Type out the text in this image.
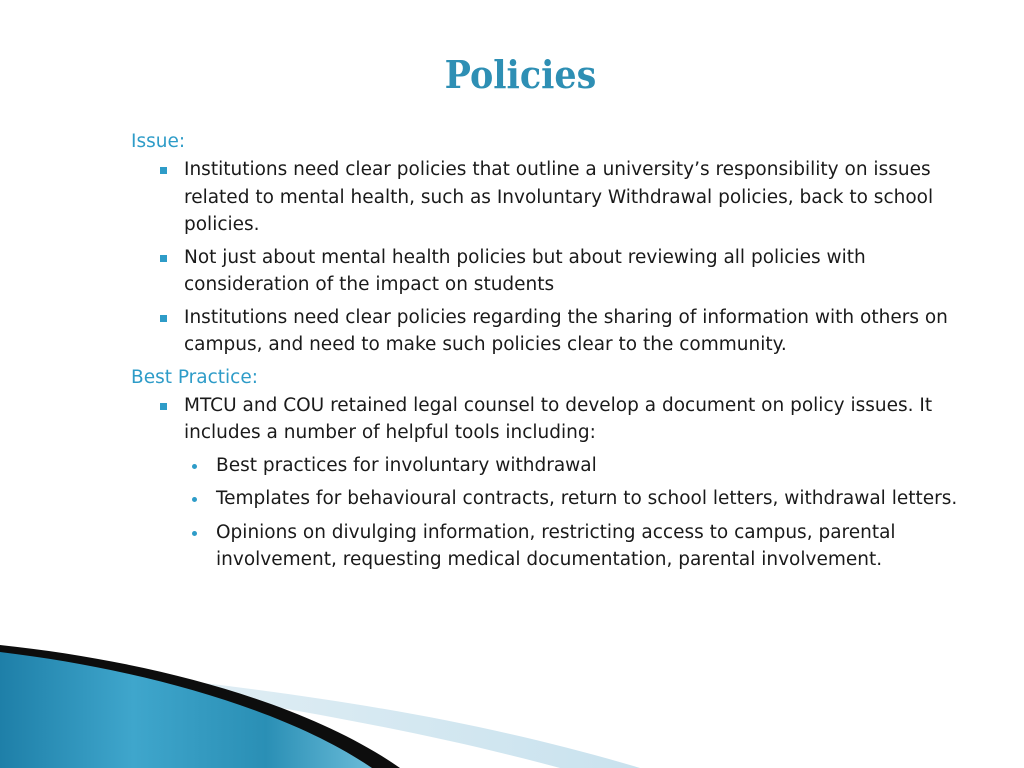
Policies

Issue:

Institutions need clear policies that outline a university’s responsibility on issues related to mental health, such as Involuntary Withdrawal policies, back to school policies.
Not just about mental health policies but about reviewing all policies with consideration of the impact on students
Institutions need clear policies regarding the sharing of information with others on campus, and need to make such policies clear to the community.

Best Practice:

MTCU and COU retained legal counsel to develop a document on policy issues. It includes a number of helpful tools including:
Best practices for involuntary withdrawal
Templates for behavioural contracts, return to school letters, withdrawal letters.
Opinions on divulging information, restricting access to campus, parental involvement, requesting medical documentation, parental involvement.
